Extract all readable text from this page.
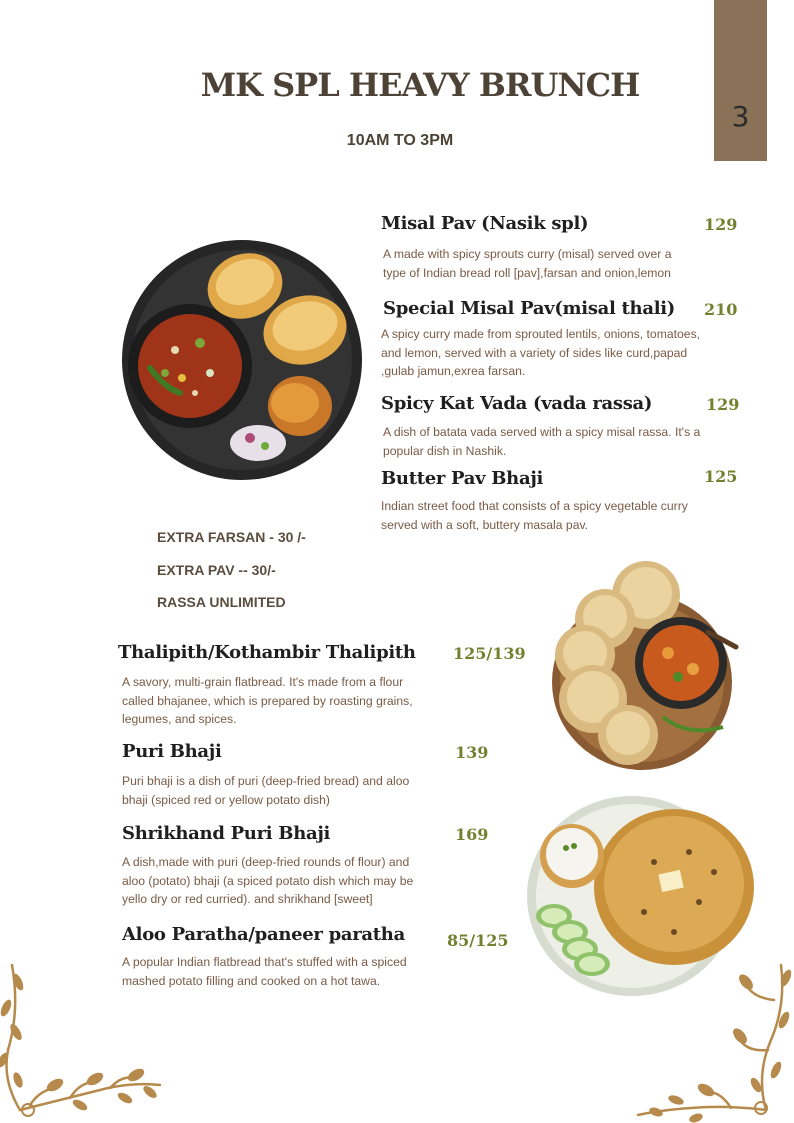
3
MK SPL HEAVY BRUNCH
10AM TO 3PM
Misal Pav (Nasik spl)	129
A made with spicy sprouts curry (misal) served over a type of Indian bread roll [pav],farsan and onion,lemon
Special Misal Pav(misal thali) 210
A spicy curry made from sprouted lentils, onions, tomatoes, and lemon, served with a variety of sides like curd,papad ,gulab jamun,exrea farsan.
Spicy Kat Vada (vada rassa)	129
A dish of batata vada served with a spicy misal rassa. It's a popular dish in Nashik.
Butter Pav Bhaji	125
Indian street food that consists of a spicy vegetable curry served with a soft, buttery masala pav.
EXTRA FARSAN - 30 /-
EXTRA PAV -- 30/-
RASSA UNLIMITED
Thalipith/Kothambir Thalipith 125/139
A savory, multi-grain flatbread. It's made from a flour called bhajanee, which is prepared by roasting grains, legumes, and spices.
Puri Bhaji	139
Puri bhaji is a dish of puri (deep-fried bread) and aloo bhaji (spiced red or yellow potato dish)
Shrikhand Puri Bhaji	169
A dish,made with puri (deep-fried rounds of flour) and aloo (potato) bhaji (a spiced potato dish which may be yello dry or red curried). and shrikhand [sweet]
Aloo Paratha/paneer paratha	85/125
A popular Indian flatbread that's stuffed with a spiced mashed potato filling and cooked on a hot tawa.
